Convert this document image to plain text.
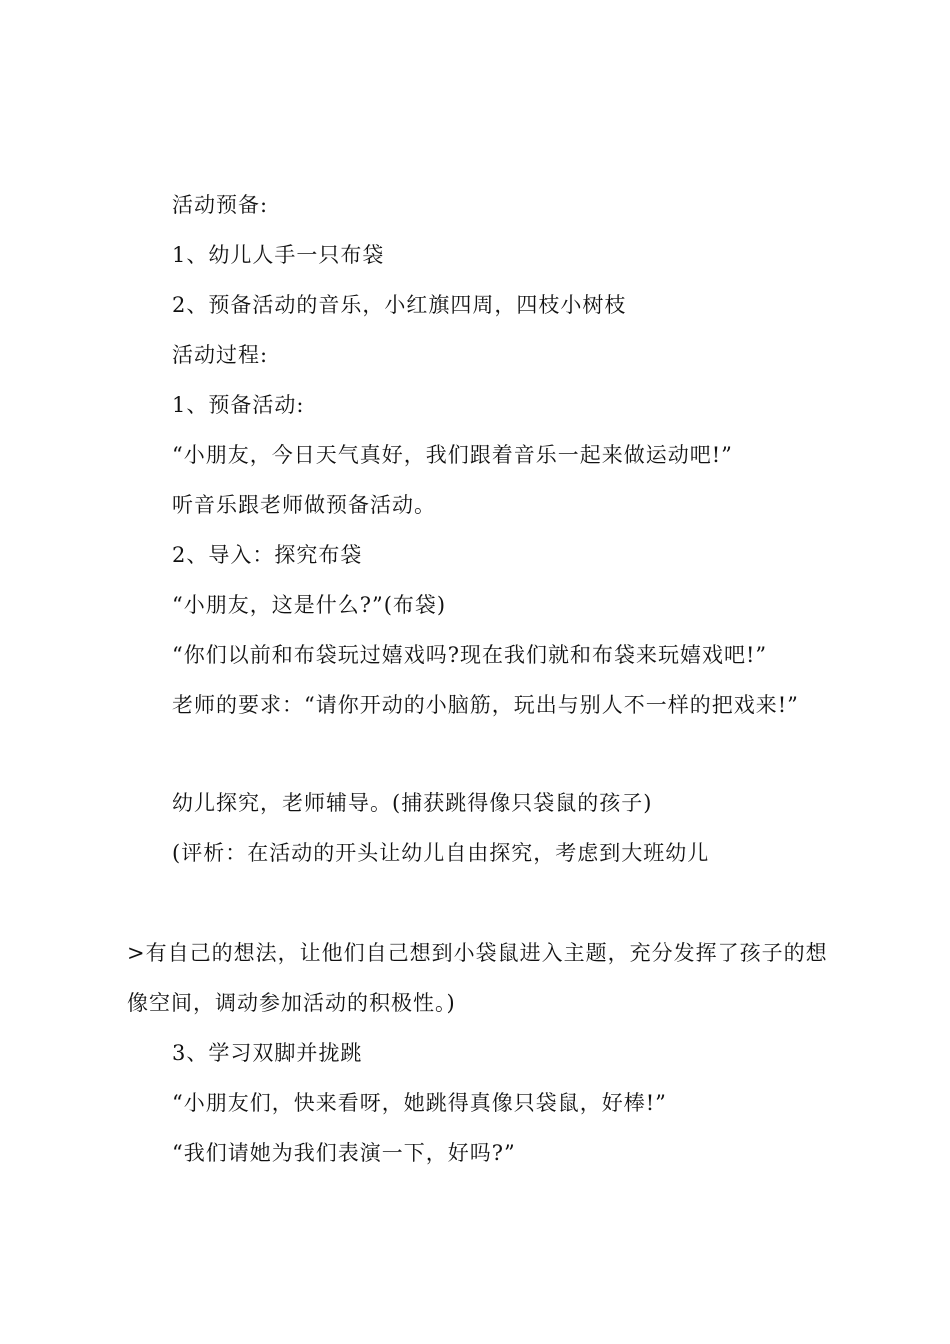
活动预备:
1、幼儿人手一只布袋
2、预备活动的音乐，小红旗四周，四枝小树枝
活动过程:
1、预备活动:
“小朋友，今日天气真好，我们跟着音乐一起来做运动吧!”
听音乐跟老师做预备活动。
2、导入：探究布袋
“小朋友，这是什么?”(布袋)
“你们以前和布袋玩过嬉戏吗?现在我们就和布袋来玩嬉戏吧!”
老师的要求：“请你开动的小脑筋，玩出与别人不一样的把戏来!”
幼儿探究，老师辅导。(捕获跳得像只袋鼠的孩子)
(评析：在活动的开头让幼儿自由探究，考虑到大班幼儿
>有自己的想法，让他们自己想到小袋鼠进入主题，充分发挥了孩子的想
像空间，调动参加活动的积极性。)
3、学习双脚并拢跳
“小朋友们，快来看呀，她跳得真像只袋鼠，好棒!”
“我们请她为我们表演一下，好吗?”
